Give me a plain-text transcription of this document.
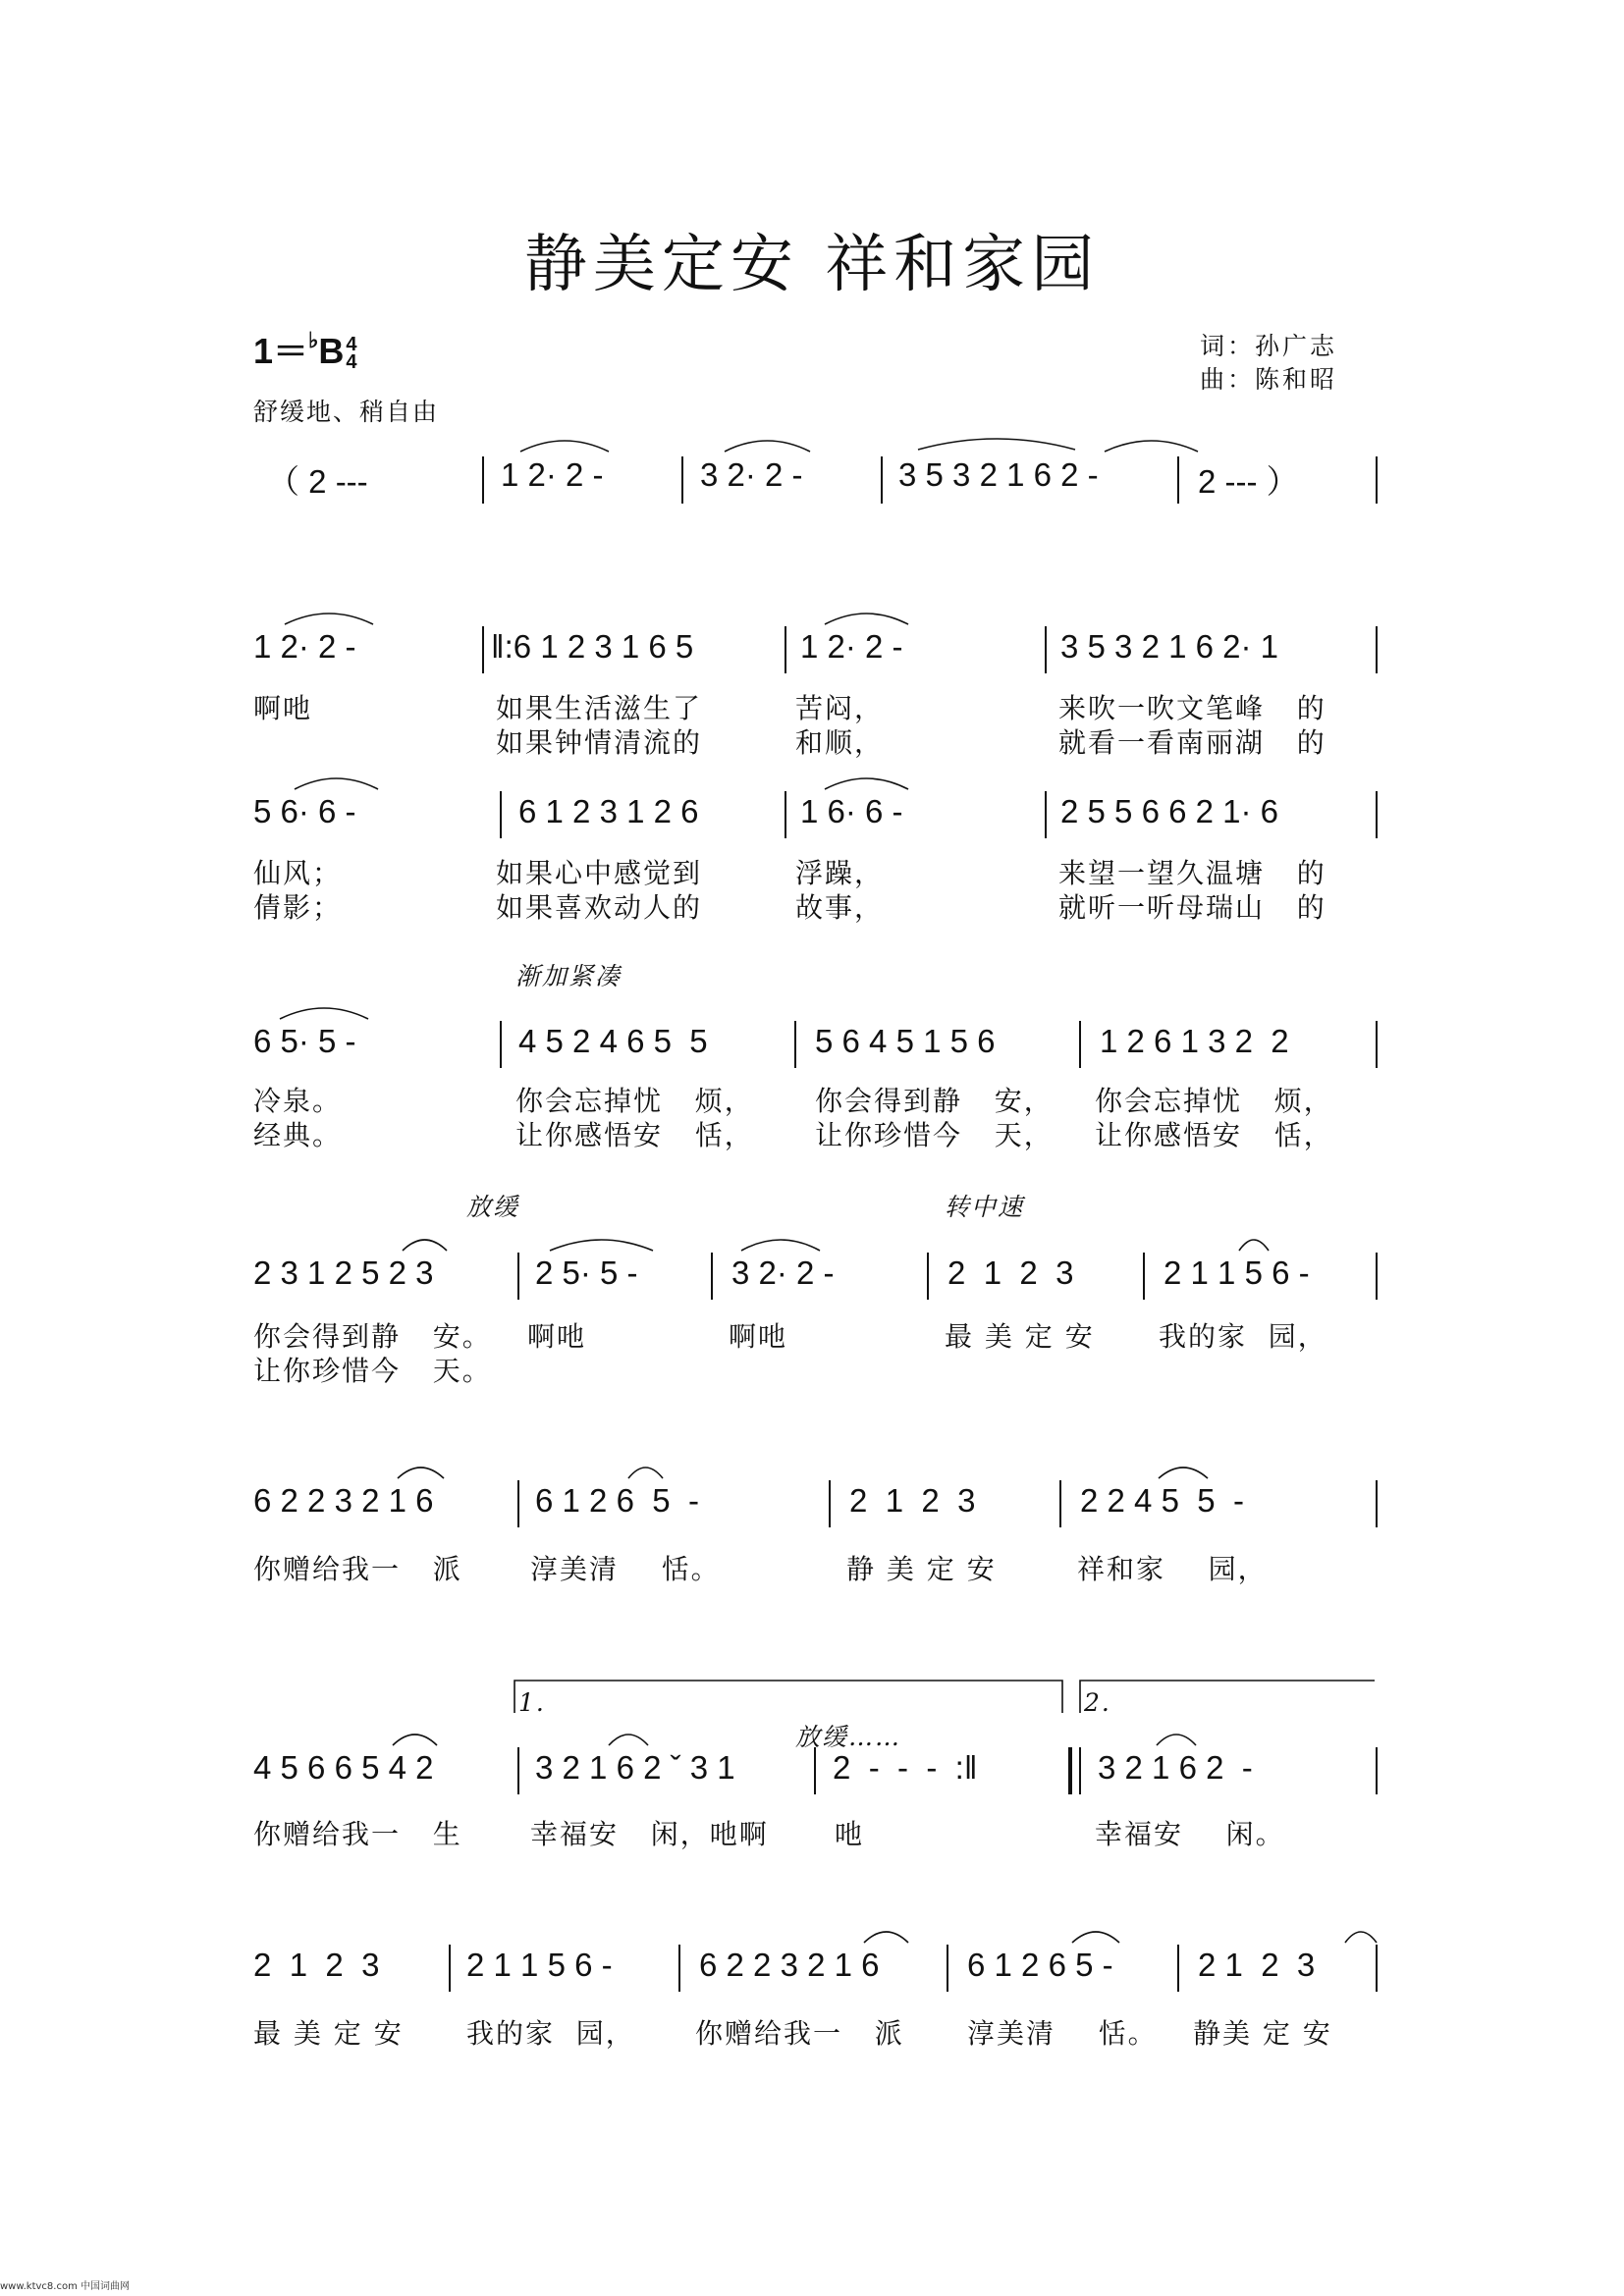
静美定安 祥和家园
1＝♭B 4
4
词：孙广志
曲：陈和昭
舒缓地、稍自由
渐加紧凑
放缓	转中速
放缓……
1.	2.
（ 2 ---	1 2· 2 -	3 2· 2 -	3 5 3 2 1 6 2 -	2 --- ）
1 2· 2 -	‖:6 1 2 3 1 6 5	1 2· 2 -	3 5 3 2 1 6 2· 1
啊吔	如果生活滋生了	苦闷，	来吹一吹文笔峰   的
如果钟情清流的	和顺，	就看一看南丽湖   的
5 6· 6 -	6 1 2 3 1 2 6	1 6· 6 -	2 5 5 6 6 2 1· 6
仙风；	如果心中感觉到	浮躁，	来望一望久温塘   的
倩影；	如果喜欢动人的	故事，	就听一听母瑞山   的
6 5· 5 -	4 5 2 4 6 5  5	5 6 4 5 1 5 6	1 2 6 1 3 2  2
冷泉。	你会忘掉忧   烦， 你会得到静   安， 你会忘掉忧   烦，
经典。	让你感悟安   恬， 让你珍惜今   天， 让你感悟安   恬，
2 3 1 2 5 2 3	2 5· 5 -	3 2· 2 -	2  1  2  3	2 1 1 5 6 -
你会得到静   安。 啊吔	啊吔	最 美 定 安 我的家  园，
让你珍惜今   天。
6 2 2 3 2 1 6	6 1 2 6  5  -	2  1  2  3	2 2 4 5  5  -
你赠给我一   派 淳美清    恬。	静 美 定 安	祥和家    园，
4 5 6 6 5 4 2	3 2 1 6 2 ˇ 3 1	2  -  -  -  :‖	3 2 1 6 2  -
你赠给我一   生 幸福安   闲，吔啊 吔	幸福安    闲。
2  1  2  3	2 1 1 5 6 -	6 2 2 3 2 1 6	6 1 2 6 5 -	2 1  2  3
最 美 定 安 我的家  园， 你赠给我一   派 淳美清    恬。 静美 定 安
www.ktvc8.com 中国词曲网
